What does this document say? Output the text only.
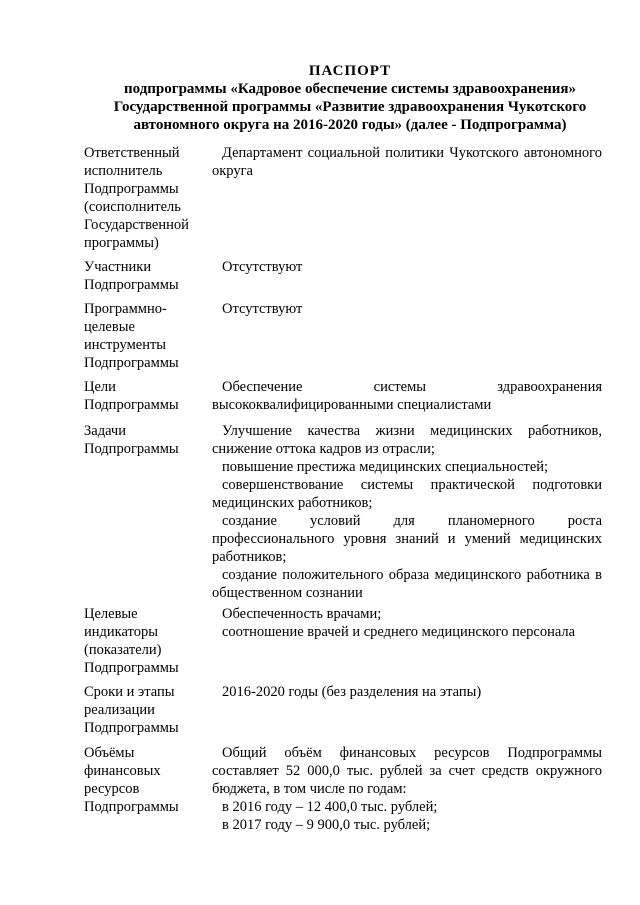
ПАСПОРТ
подпрограммы «Кадровое обеспечение системы здравоохранения»
Государственной программы «Развитие здравоохранения Чукотского
автономного округа на 2016-2020 годы» (далее - Подпрограмма)
Ответственный
исполнитель
Подпрограммы
(соисполнитель
Государственной
программы)

Департамент социальной политики Чукотского автономного округа

Участники
Подпрограммы

Отсутствуют

Программно-
целевые
инструменты
Подпрограммы

Отсутствуют

Цели
Подпрограммы

Обеспечение системы здравоохранения высококвалифицированными специалистами

Задачи
Подпрограммы

Улучшение качества жизни медицинских работников, снижение оттока кадров из отрасли;

повышение престижа медицинских специальностей;

совершенствование системы практической подготовки медицинских работников;

создание условий для планомерного роста профессионального уровня знаний и умений медицинских работников;

создание положительного образа медицинского работника в общественном сознании

Целевые
индикаторы
(показатели)
Подпрограммы

Обеспеченность врачами;

соотношение врачей и среднего медицинского персонала

Сроки и этапы
реализации
Подпрограммы

2016-2020 годы (без разделения на этапы)

Объёмы
финансовых
ресурсов
Подпрограммы

Общий объём финансовых ресурсов Подпрограммы составляет 52 000,0 тыс. рублей за счет средств окружного бюджета, в том числе по годам:

в 2016 году – 12 400,0 тыс. рублей;

в 2017 году – 9 900,0 тыс. рублей;
